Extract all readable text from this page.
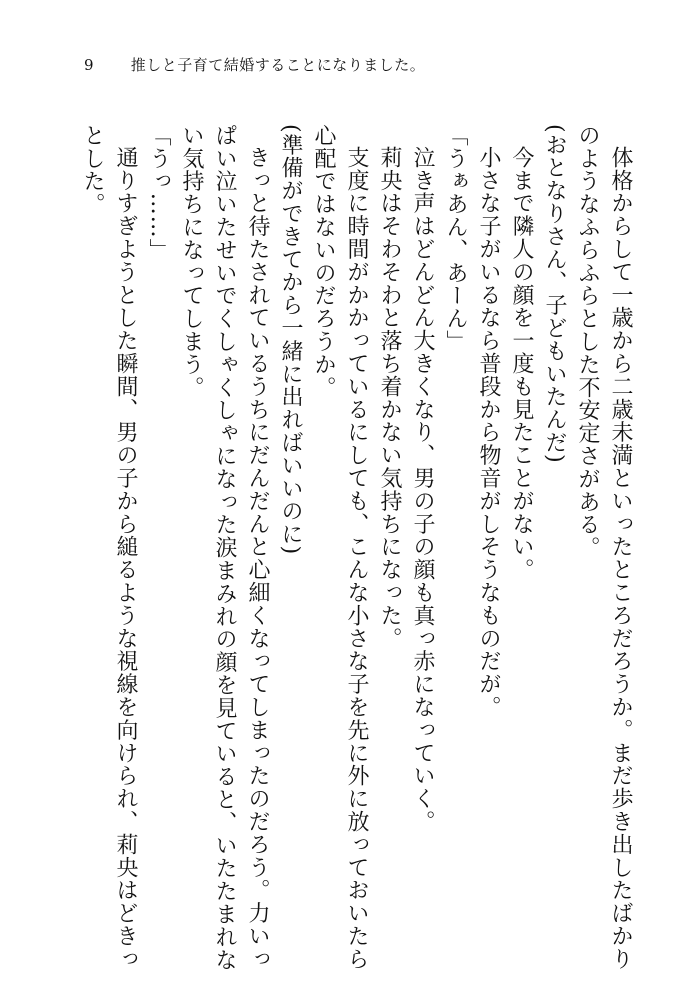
9 推しと子育て結婚することになりました。

体格からして一歳から二歳未満といったところだろうか。まだ歩き出したばかりのようなふらふらとした不安定さがある。

(おとなりさん、子どもいたんだ)

今まで隣人の顔を一度も見たことがない。

小さな子がいるなら普段から物音がしそうなものだが。

「うぁあん、あーん」

泣き声はどんどん大きくなり、男の子の顔も真っ赤になっていく。

莉央はそわそわと落ち着かない気持ちになった。

支度に時間がかかっているにしても、こんな小さな子を先に外に放っておいたら心配ではないのだろうか。

(準備ができてから一緒に出ればいいのに)

きっと待たされているうちにだんだんと心細くなってしまったのだろう。力いっぱい泣いたせいでくしゃくしゃになった涙まみれの顔を見ていると、いたたまれない気持ちになってしまう。

「うっ……」

通りすぎようとした瞬間、男の子から縋るような視線を向けられ、莉央はどきっとした。
